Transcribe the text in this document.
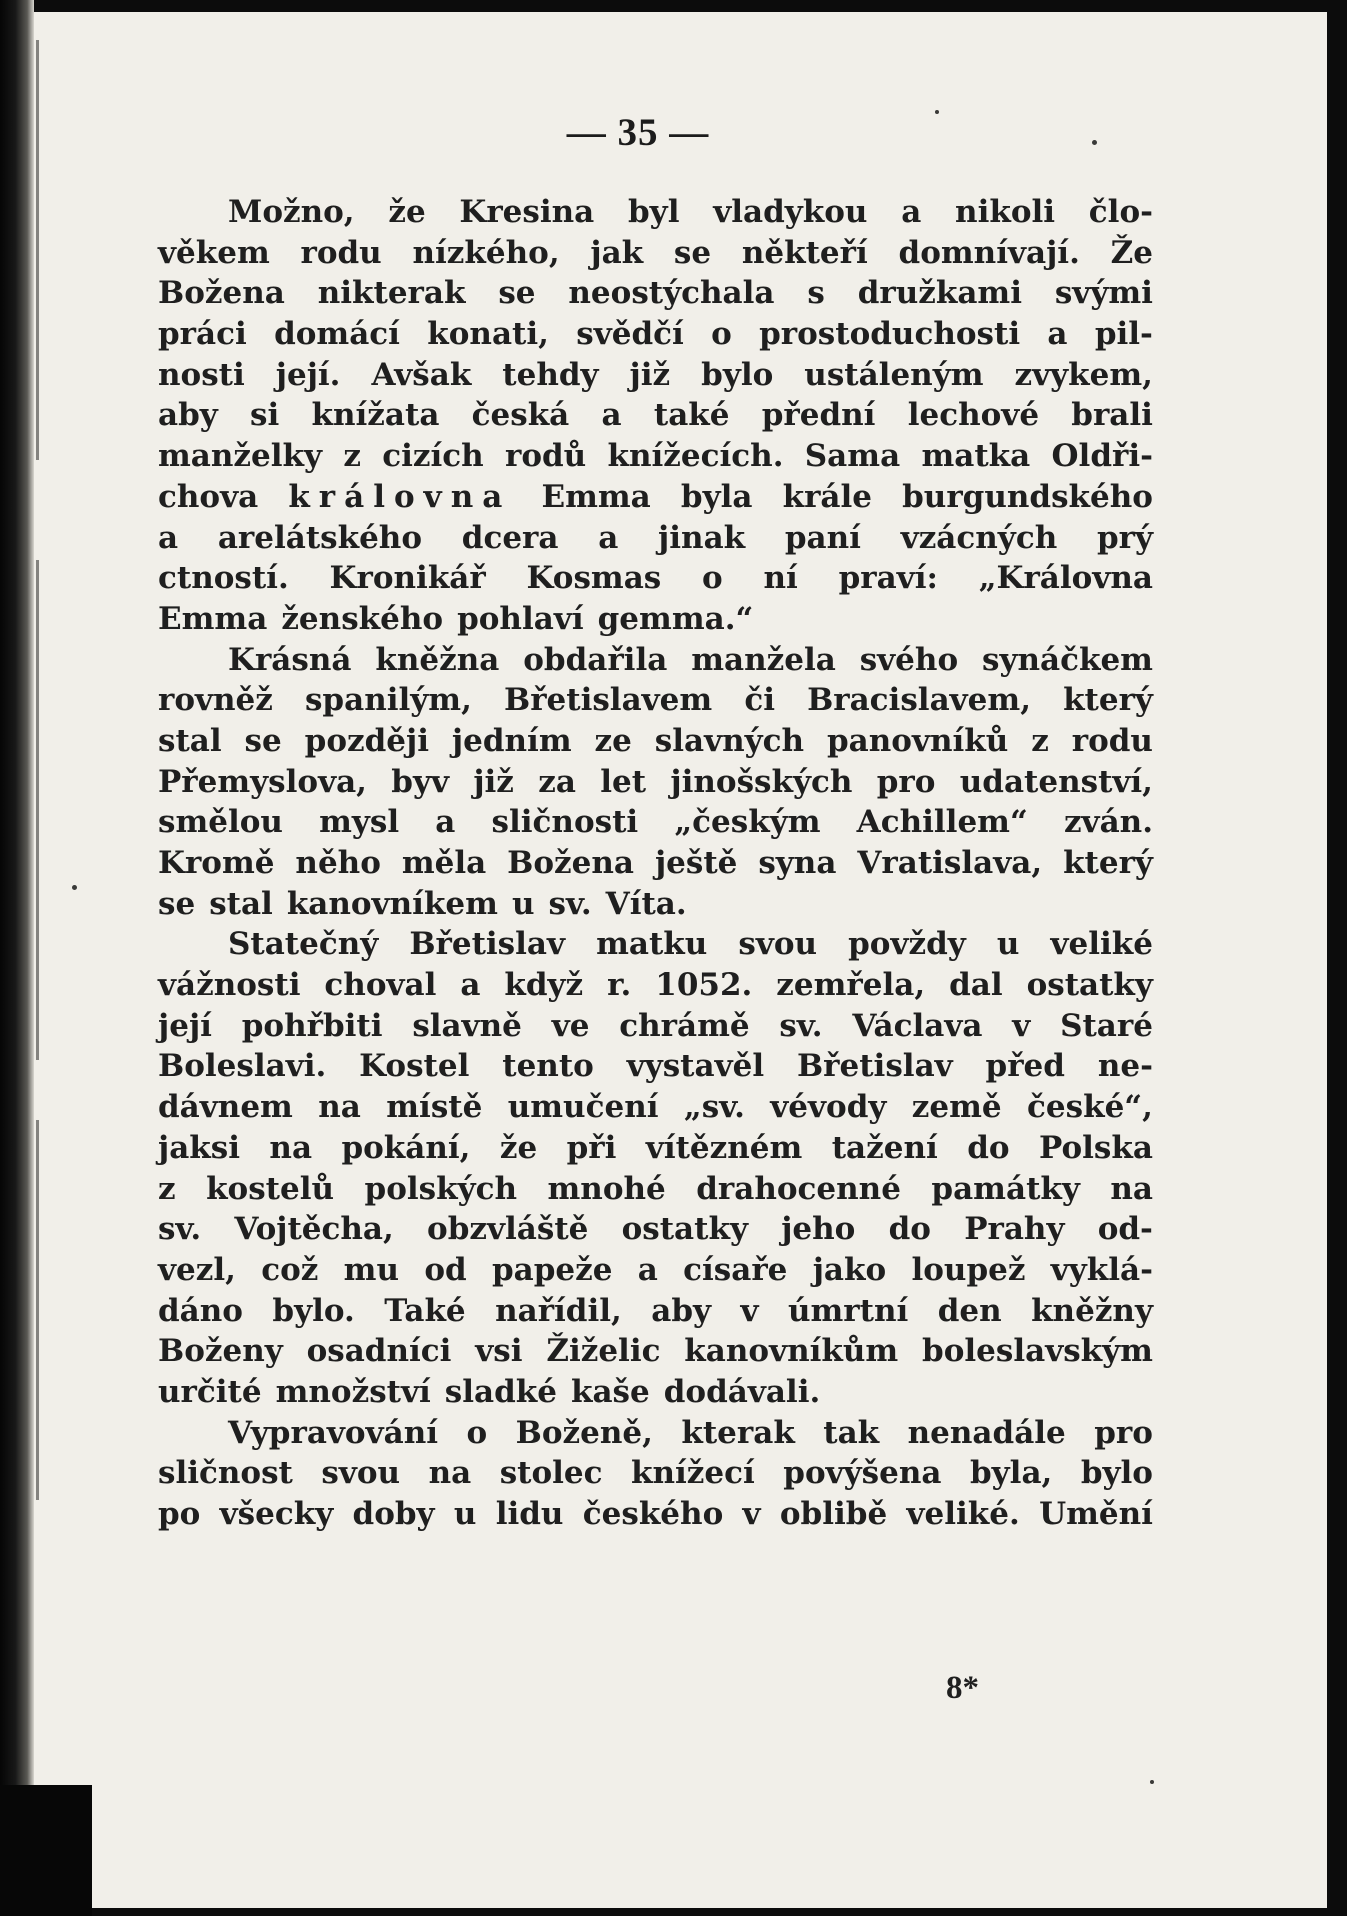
— 35 —
Možno, že Kresina byl vladykou a nikoli člo-
věkem rodu nízkého, jak se někteří domnívají. Že
Božena nikterak se neostýchala s družkami svými
práci domácí konati, svědčí o prostoduchosti a pil-
nosti její. Avšak tehdy již bylo ustáleným zvykem,
aby si knížata česká a také přední lechové brali
manželky z cizích rodů knížecích. Sama matka Oldři-
chova královna Emma byla krále burgundského
a arelátského dcera a jinak paní vzácných prý
ctností. Kronikář Kosmas o ní praví: „Královna
Emma ženského pohlaví gemma.“
Krásná kněžna obdařila manžela svého synáčkem
rovněž spanilým, Břetislavem či Bracislavem, který
stal se později jedním ze slavných panovníků z rodu
Přemyslova, byv již za let jinošských pro udatenství,
smělou mysl a sličnosti „českým Achillem“ zván.
Kromě něho měla Božena ještě syna Vratislava, který
se stal kanovníkem u sv. Víta.
Statečný Břetislav matku svou povždy u veliké
vážnosti choval a když r. 1052. zemřela, dal ostatky
její pohřbiti slavně ve chrámě sv. Václava v Staré
Boleslavi. Kostel tento vystavěl Břetislav před ne-
dávnem na místě umučení „sv. vévody země české“,
jaksi na pokání, že při vítězném tažení do Polska
z kostelů polských mnohé drahocenné památky na
sv. Vojtěcha, obzvláště ostatky jeho do Prahy od-
vezl, což mu od papeže a císaře jako loupež vyklá-
dáno bylo. Také nařídil, aby v úmrtní den kněžny
Boženy osadníci vsi Žiželic kanovníkům boleslavským
určité množství sladké kaše dodávali.
Vypravování o Boženě, kterak tak nenadále pro
sličnost svou na stolec knížecí povýšena byla, bylo
po všecky doby u lidu českého v oblibě veliké. Umění
8*
